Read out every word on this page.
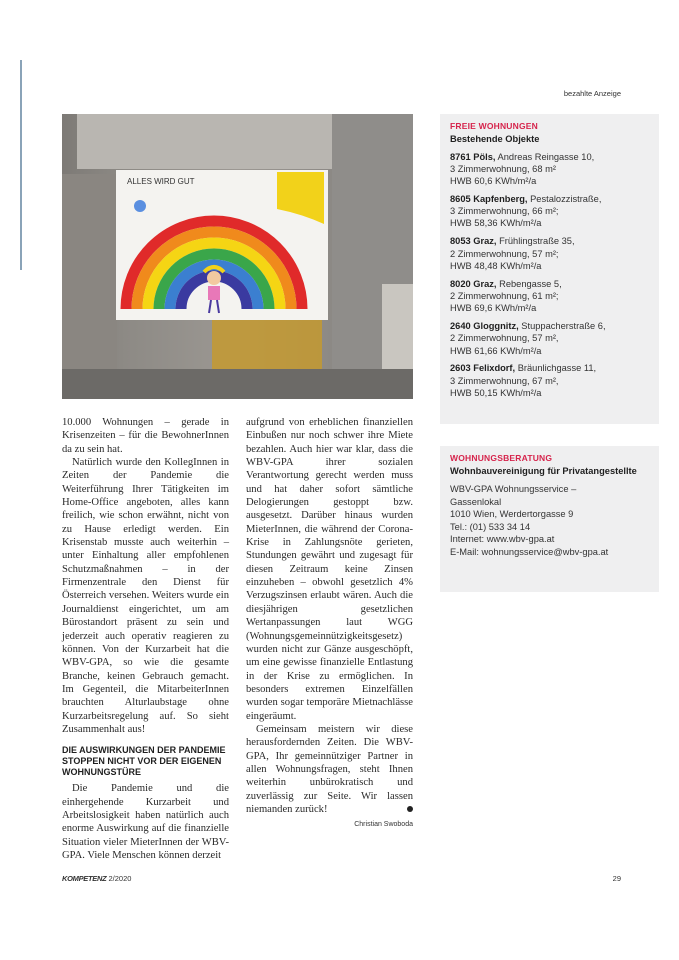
bezahlte Anzeige
ALLES WIRD GUT

10.000 Wohnungen – gerade in Krisenzeiten – für die BewohnerInnen da zu sein hat.

Natürlich wurde den KollegInnen in Zeiten der Pandemie die Weiterführung Ihrer Tätigkeiten im Home-Office angeboten, alles kann freilich, wie schon erwähnt, nicht von zu Hause erledigt werden. Ein Krisenstab musste auch weiterhin – unter Einhaltung aller empfohlenen Schutzmaßnahmen – in der Firmenzentrale den Dienst für Österreich versehen. Weiters wurde ein Journaldienst eingerichtet, um am Bürostandort präsent zu sein und jederzeit auch operativ reagieren zu können. Von der Kurzarbeit hat die WBV-GPA, so wie die gesamte Branche, keinen Gebrauch gemacht. Im Gegenteil, die MitarbeiterInnen brauchten Alturlaubstage ohne Kurzarbeitsregelung auf. So sieht Zusammenhalt aus!

DIE AUSWIRKUNGEN DER PANDEMIE STOPPEN NICHT VOR DER EIGENEN WOHNUNGSTÜRE

Die Pandemie und die einhergehende Kurzarbeit und Arbeitslosigkeit haben natürlich auch enorme Auswirkung auf die finanzielle Situation vieler MieterInnen der WBV-GPA. Viele Menschen können derzeit

aufgrund von erheblichen finanziellen Einbußen nur noch schwer ihre Miete bezahlen. Auch hier war klar, dass die WBV-GPA ihrer sozialen Verantwortung gerecht werden muss und hat daher sofort sämtliche Delogierungen gestoppt bzw. ausgesetzt. Darüber hinaus wurden MieterInnen, die während der Corona-Krise in Zahlungsnöte gerieten, Stundungen gewährt und zugesagt für diesen Zeitraum keine Zinsen einzuheben – obwohl gesetzlich 4% Verzugszinsen erlaubt wären. Auch die diesjährigen gesetzlichen Wertanpassungen laut WGG (Wohnungsgemeinnützigkeitsgesetz) wurden nicht zur Gänze ausgeschöpft, um eine gewisse finanzielle Entlastung in der Krise zu ermöglichen. In besonders extremen Einzelfällen wurden sogar temporäre Mietnachlässe eingeräumt.

Gemeinsam meistern wir diese herausfordernden Zeiten. Die WBV-GPA, Ihr gemeinnütziger Partner in allen Wohnungsfragen, steht Ihnen weiterhin unbürokratisch und zuverlässig zur Seite. Wir lassen niemanden zurück!

Christian Swoboda
FREIE WOHNUNGEN
Bestehende Objekte
8761 Pöls, Andreas Reingasse 10,
3 Zimmerwohnung, 68 m²
HWB 60,6 KWh/m²/a
8605 Kapfenberg, Pestalozzistraße,
3 Zimmerwohnung, 66 m²;
HWB 58,36 KWh/m²/a
8053 Graz, Frühlingstraße 35,
2 Zimmerwohnung, 57 m²;
HWB 48,48 KWh/m²/a
8020 Graz, Rebengasse 5,
2 Zimmerwohnung, 61 m²;
HWB 69,6 KWh/m²/a
2640 Gloggnitz, Stuppacherstraße 6,
2 Zimmerwohnung, 57 m²,
HWB 61,66 KWh/m²/a
2603 Felixdorf, Bräunlichgasse 11,
3 Zimmerwohnung, 67 m²,
HWB 50,15 KWh/m²/a
WOHNUNGSBERATUNG
Wohnbauvereinigung für Privatangestellte
WBV-GPA Wohnungsservice –
Gassenlokal
1010 Wien, Werdertorgasse 9
Tel.: (01) 533 34 14
Internet: www.wbv-gpa.at
E-Mail: wohnungsservice@wbv-gpa.at
KOMPETENZ 2/2020	29
